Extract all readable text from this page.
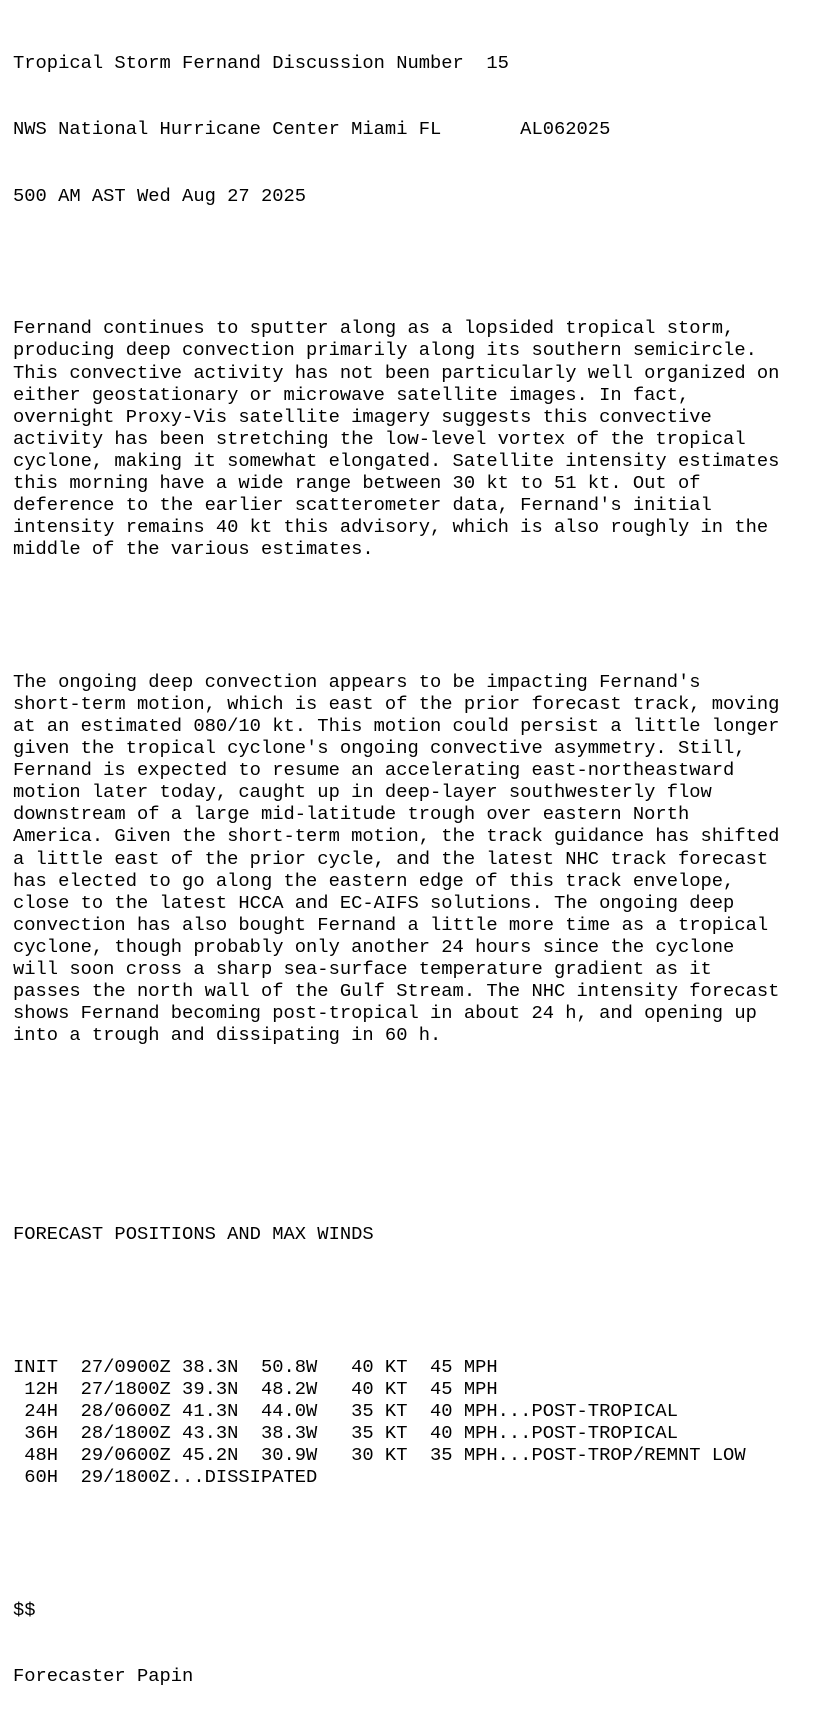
Tropical Storm Fernand Discussion Number  15

NWS National Hurricane Center Miami FL       AL062025

500 AM AST Wed Aug 27 2025

Fernand continues to sputter along as a lopsided tropical storm,
producing deep convection primarily along its southern semicircle.
This convective activity has not been particularly well organized on
either geostationary or microwave satellite images. In fact,
overnight Proxy-Vis satellite imagery suggests this convective
activity has been stretching the low-level vortex of the tropical
cyclone, making it somewhat elongated. Satellite intensity estimates
this morning have a wide range between 30 kt to 51 kt. Out of
deference to the earlier scatterometer data, Fernand's initial
intensity remains 40 kt this advisory, which is also roughly in the
middle of the various estimates.

The ongoing deep convection appears to be impacting Fernand's
short-term motion, which is east of the prior forecast track, moving
at an estimated 080/10 kt. This motion could persist a little longer
given the tropical cyclone's ongoing convective asymmetry. Still,
Fernand is expected to resume an accelerating east-northeastward
motion later today, caught up in deep-layer southwesterly flow
downstream of a large mid-latitude trough over eastern North
America. Given the short-term motion, the track guidance has shifted
a little east of the prior cycle, and the latest NHC track forecast
has elected to go along the eastern edge of this track envelope,
close to the latest HCCA and EC-AIFS solutions. The ongoing deep
convection has also bought Fernand a little more time as a tropical
cyclone, though probably only another 24 hours since the cyclone
will soon cross a sharp sea-surface temperature gradient as it
passes the north wall of the Gulf Stream. The NHC intensity forecast
shows Fernand becoming post-tropical in about 24 h, and opening up
into a trough and dissipating in 60 h.

FORECAST POSITIONS AND MAX WINDS

INIT  27/0900Z 38.3N  50.8W   40 KT  45 MPH
12H  27/1800Z 39.3N  48.2W   40 KT  45 MPH
24H  28/0600Z 41.3N  44.0W   35 KT  40 MPH...POST-TROPICAL
36H  28/1800Z 43.3N  38.3W   35 KT  40 MPH...POST-TROPICAL
48H  29/0600Z 45.2N  30.9W   30 KT  35 MPH...POST-TROP/REMNT LOW
60H  29/1800Z...DISSIPATED

$$

Forecaster Papin
